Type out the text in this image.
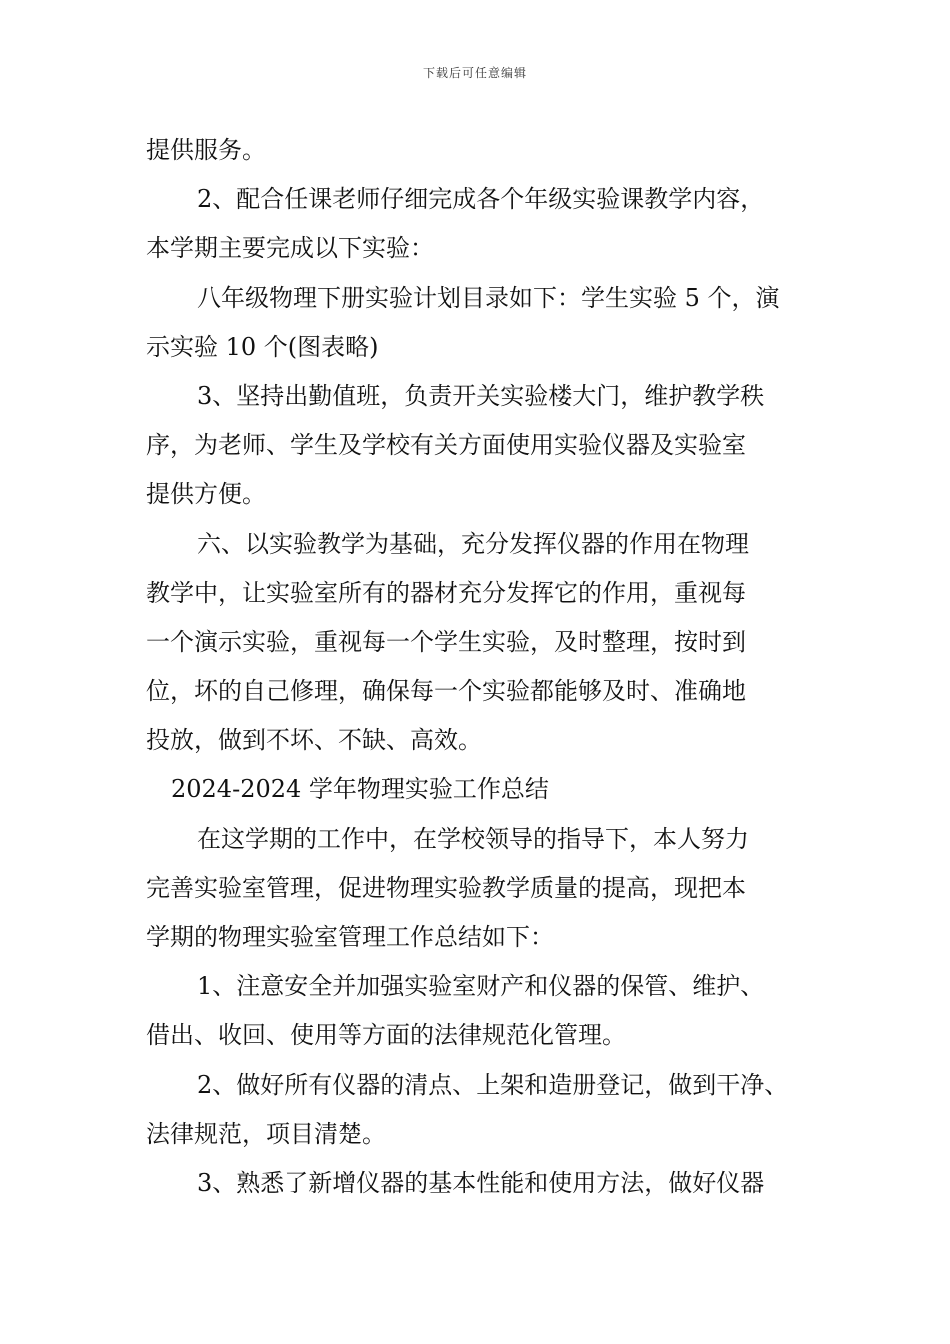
下载后可任意编辑
提供服务。
2、配合任课老师仔细完成各个年级实验课教学内容，
本学期主要完成以下实验：
八年级物理下册实验计划目录如下：学生实验 5 个，演
示实验 10 个(图表略)
3、坚持出勤值班，负责开关实验楼大门，维护教学秩
序，为老师、学生及学校有关方面使用实验仪器及实验室
提供方便。
六、以实验教学为基础，充分发挥仪器的作用在物理
教学中，让实验室所有的器材充分发挥它的作用，重视每
一个演示实验，重视每一个学生实验，及时整理，按时到
位，坏的自己修理，确保每一个实验都能够及时、准确地
投放，做到不坏、不缺、高效。
2024-2024 学年物理实验工作总结
在这学期的工作中，在学校领导的指导下，本人努力
完善实验室管理，促进物理实验教学质量的提高，现把本
学期的物理实验室管理工作总结如下：
1、注意安全并加强实验室财产和仪器的保管、维护、
借出、收回、使用等方面的法律规范化管理。
2、做好所有仪器的清点、上架和造册登记，做到干净、
法律规范，项目清楚。
3、熟悉了新增仪器的基本性能和使用方法，做好仪器
